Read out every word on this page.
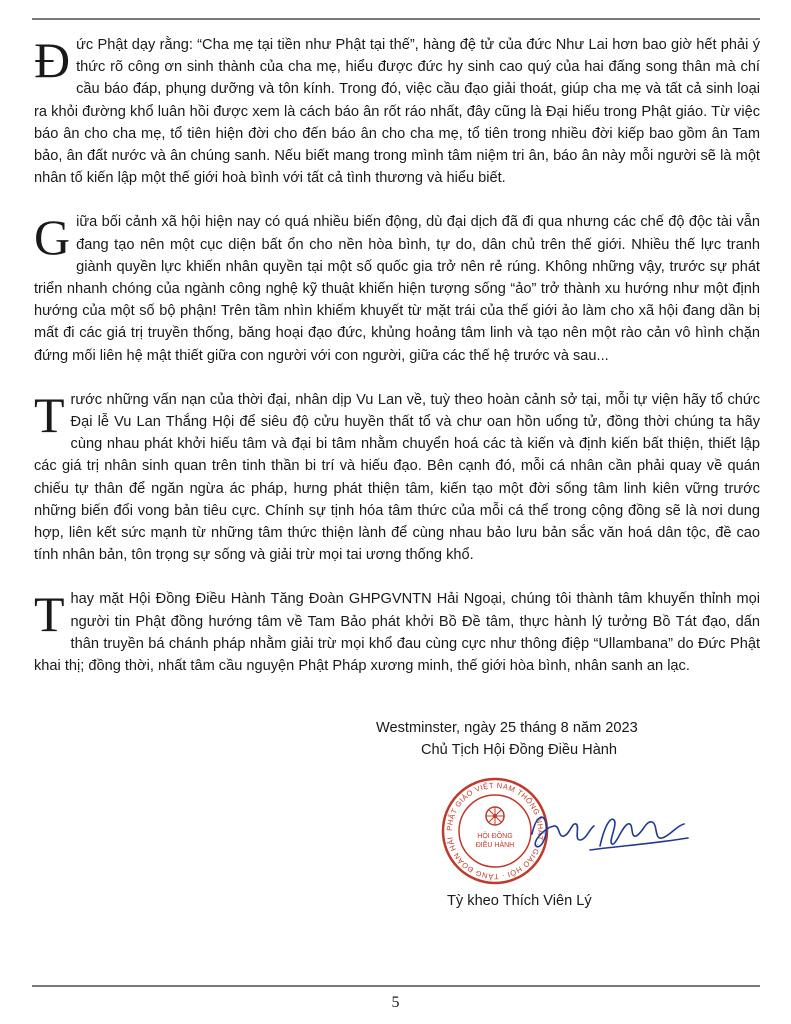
Đ ức Phật dạy rằng: “Cha mẹ tại tiền như Phật tại thế”, hàng đệ tử của đức Như Lai hơn bao giờ hết phải ý thức rõ công ơn sinh thành của cha mẹ, hiểu được đức hy sinh cao quý của hai đấng song thân mà chí cầu báo đáp, phụng dưỡng và tôn kính. Trong đó, việc cầu đạo giải thoát, giúp cha mẹ và tất cả sinh loại ra khỏi đường khổ luân hồi được xem là cách báo ân rốt ráo nhất, đây cũng là Đại hiếu trong Phật giáo. Từ việc báo ân cho cha mẹ, tổ tiên hiện đời cho đến báo ân cho cha mẹ, tổ tiên trong nhiều đời kiếp bao gồm ân Tam bảo, ân đất nước và ân chúng sanh. Nếu biết mang trong mình tâm niệm tri ân, báo ân này mỗi người sẽ là một nhân tố kiến lập một thế giới hoà bình với tất cả tình thương và hiểu biết.

G iữa bối cảnh xã hội hiện nay có quá nhiều biến động, dù đại dịch đã đi qua nhưng các chế độ độc tài vẫn đang tạo nên một cục diện bất ổn cho nền hòa bình, tự do, dân chủ trên thế giới. Nhiều thế lực tranh giành quyền lực khiến nhân quyền tại một số quốc gia trở nên rẻ rúng. Không những vậy, trước sự phát triển nhanh chóng của ngành công nghệ kỹ thuật khiến hiện tượng sống “ảo” trở thành xu hướng như một định hướng của một số bộ phận! Trên tầm nhìn khiếm khuyết từ mặt trái của thế giới ảo làm cho xã hội đang dần bị mất đi các giá trị truyền thống, băng hoại đạo đức, khủng hoảng tâm linh và tạo nên một rào cản vô hình chặn đứng mối liên hệ mật thiết giữa con người với con người, giữa các thế hệ trước và sau...

T rước những vấn nạn của thời đại, nhân dịp Vu Lan về, tuỳ theo hoàn cảnh sở tại, mỗi tự viện hãy tổ chức Đại lễ Vu Lan Thắng Hội để siêu độ cửu huyền thất tổ và chư oan hồn uổng tử, đồng thời chúng ta hãy cùng nhau phát khởi hiếu tâm và đại bi tâm nhằm chuyển hoá các tà kiến và định kiến bất thiện, thiết lập các giá trị nhân sinh quan trên tinh thần bi trí và hiếu đạo. Bên cạnh đó, mỗi cá nhân cần phải quay về quán chiếu tự thân để ngăn ngừa ác pháp, hưng phát thiện tâm, kiến tạo một đời sống tâm linh kiên vững trước những biến đổi vong bản tiêu cực. Chính sự tịnh hóa tâm thức của mỗi cá thể trong cộng đồng sẽ là nơi dung hợp, liên kết sức mạnh từ những tâm thức thiện lành để cùng nhau bảo lưu bản sắc văn hoá dân tộc, đề cao tính nhân bản, tôn trọng sự sống và giải trừ mọi tai ương thống khổ.

T hay mặt Hội Đồng Điều Hành Tăng Đoàn GHPGVNTN Hải Ngoại, chúng tôi thành tâm khuyến thỉnh mọi người tin Phật đồng hướng tâm về Tam Bảo phát khởi Bồ Đề tâm, thực hành lý tưởng Bồ Tát đạo, dấn thân truyền bá chánh pháp nhằm giải trừ mọi khổ đau cùng cực như thông điệp “Ullambana” do Đức Phật khai thị; đồng thời, nhất tâm cầu nguyện Phật Pháp xương minh, thế giới hòa bình, nhân sanh an lạc.

Westminster, ngày 25 tháng 8 năm 2023
Chủ Tịch Hội Đồng Điều Hành
PHẬT GIÁO VIỆT NAM THỐNG NHẤT · GIÁO HỘI · TĂNG ĐOÀN HẢI	HỘI ĐỒNG
ĐIỀU HÀNH
Tỳ kheo Thích Viên Lý
5
